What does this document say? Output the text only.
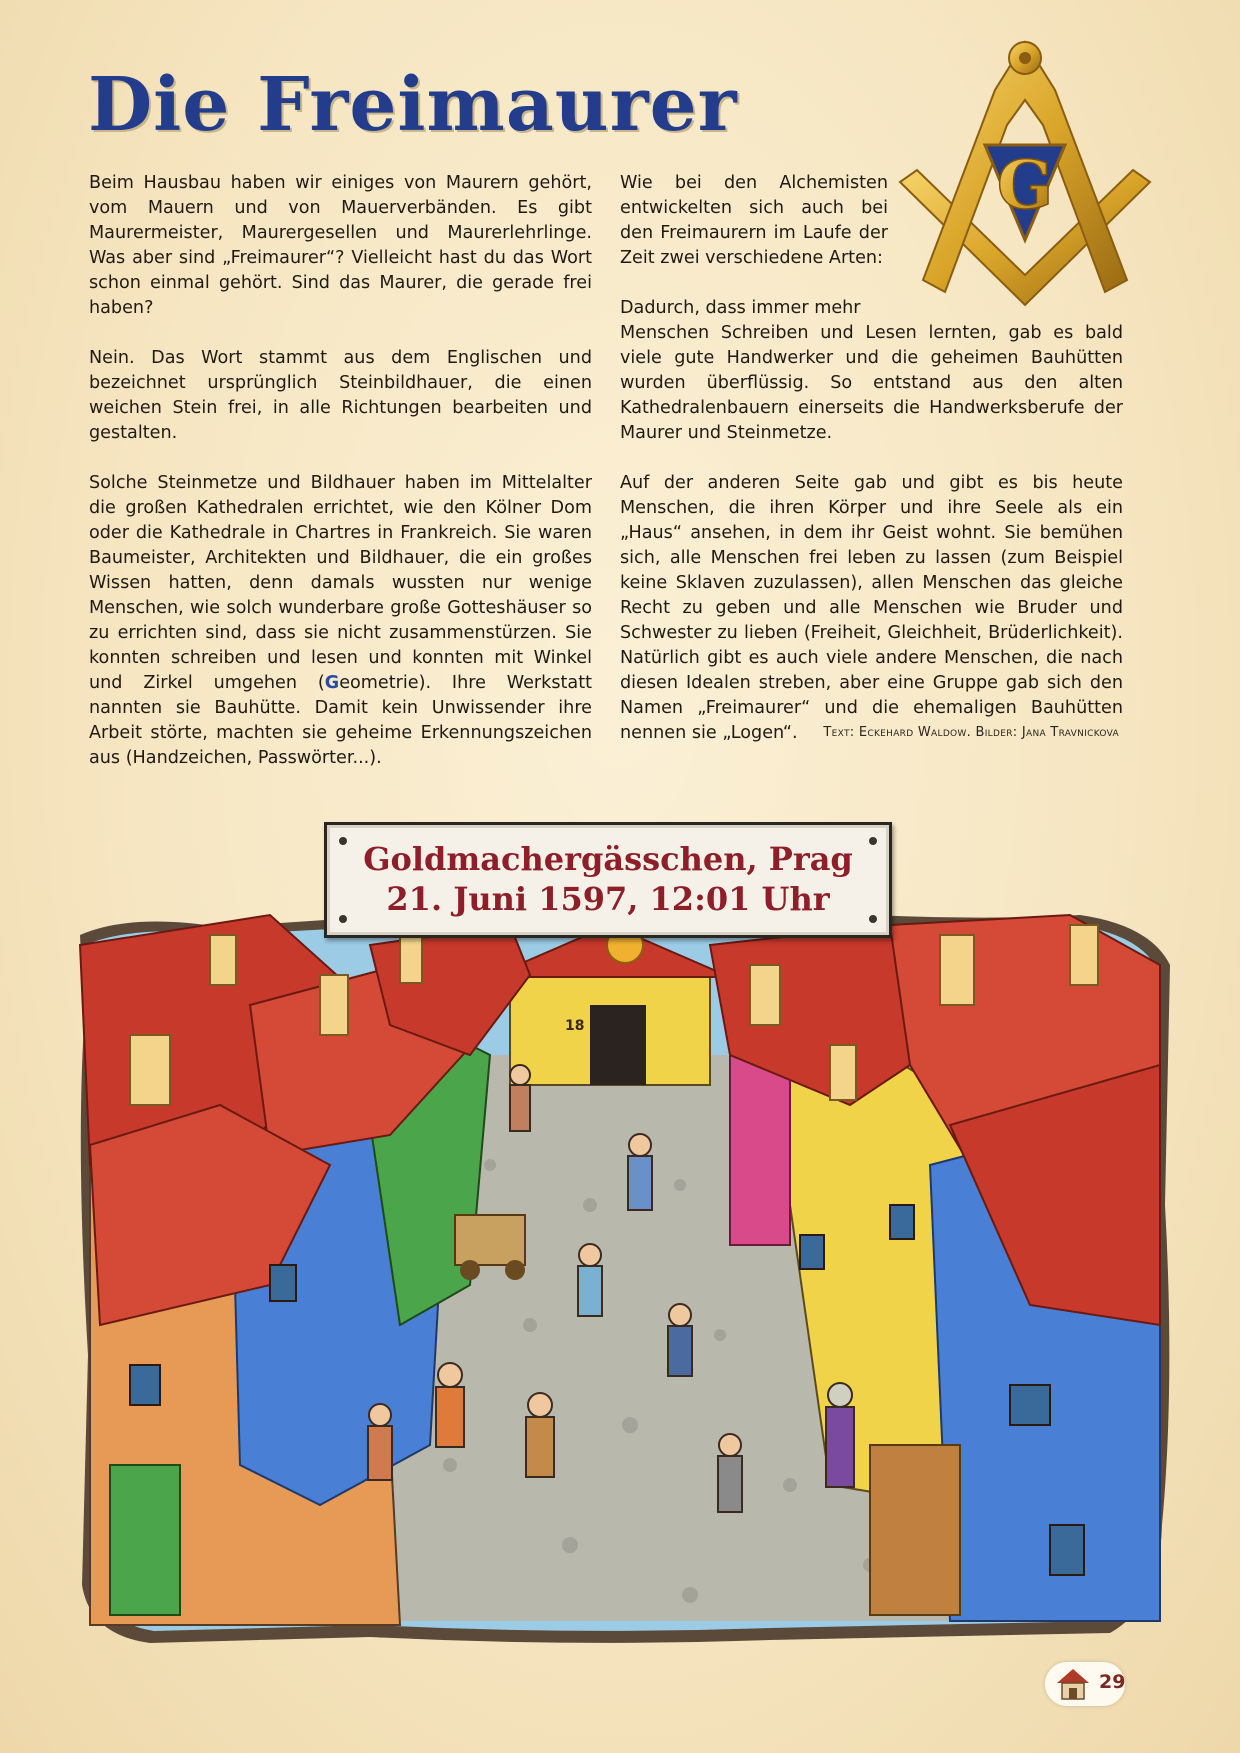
Die Freimaurer
G

Beim Hausbau haben wir einiges von Maurern gehört, vom Mauern und von Mauerverbänden. Es gibt Maurermeister, Maurergesellen und Maurerlehrlinge. Was aber sind „Freimaurer“? Vielleicht hast du das Wort schon einmal gehört. Sind das Maurer, die gerade frei haben?

Nein. Das Wort stammt aus dem Englischen und bezeichnet ursprünglich Steinbildhauer, die einen weichen Stein frei, in alle Richtungen bearbeiten und gestalten.

Solche Steinmetze und Bildhauer haben im Mittelalter die großen Kathedralen errichtet, wie den Kölner Dom oder die Kathedrale in Chartres in Frankreich. Sie waren Baumeister, Architekten und Bildhauer, die ein großes Wissen hatten, denn damals wussten nur wenige Menschen, wie solch wunderbare große Gotteshäuser so zu errichten sind, dass sie nicht zusammenstürzen. Sie konnten schreiben und lesen und konnten mit Winkel und Zirkel umgehen (Geometrie). Ihre Werkstatt nannten sie Bauhütte. Damit kein Unwissender ihre Arbeit störte, machten sie geheime Erkennungszeichen aus (Handzeichen, Passwörter...).

Wie bei den Alchemisten entwickelten sich auch bei den Freimaurern im Laufe der Zeit zwei verschiedene Arten:

Dadurch, dass immer mehr

Menschen Schreiben und Lesen lernten, gab es bald viele gute Handwerker und die geheimen Bauhütten wurden überflüssig. So entstand aus den alten Kathedralenbauern einerseits die Handwerksberufe der Maurer und Steinmetze.

Auf der anderen Seite gab und gibt es bis heute Menschen, die ihren Körper und ihre Seele als ein „Haus“ ansehen, in dem ihr Geist wohnt. Sie bemühen sich, alle Menschen frei leben zu lassen (zum Beispiel keine Sklaven zuzulassen), allen Menschen das gleiche Recht zu geben und alle Menschen wie Bruder und Schwester zu lieben (Freiheit, Gleichheit, Brüderlichkeit). Natürlich gibt es auch viele andere Menschen, die nach diesen Idealen streben, aber eine Gruppe gab sich den Namen „Freimaurer“ und die ehemaligen Bauhütten nennen sie „Logen“.	Text: Eckehard Waldow. Bilder: Jana Travnickova
18
Goldmachergässchen, Prag
21. Juni 1597, 12:01 Uhr
29
